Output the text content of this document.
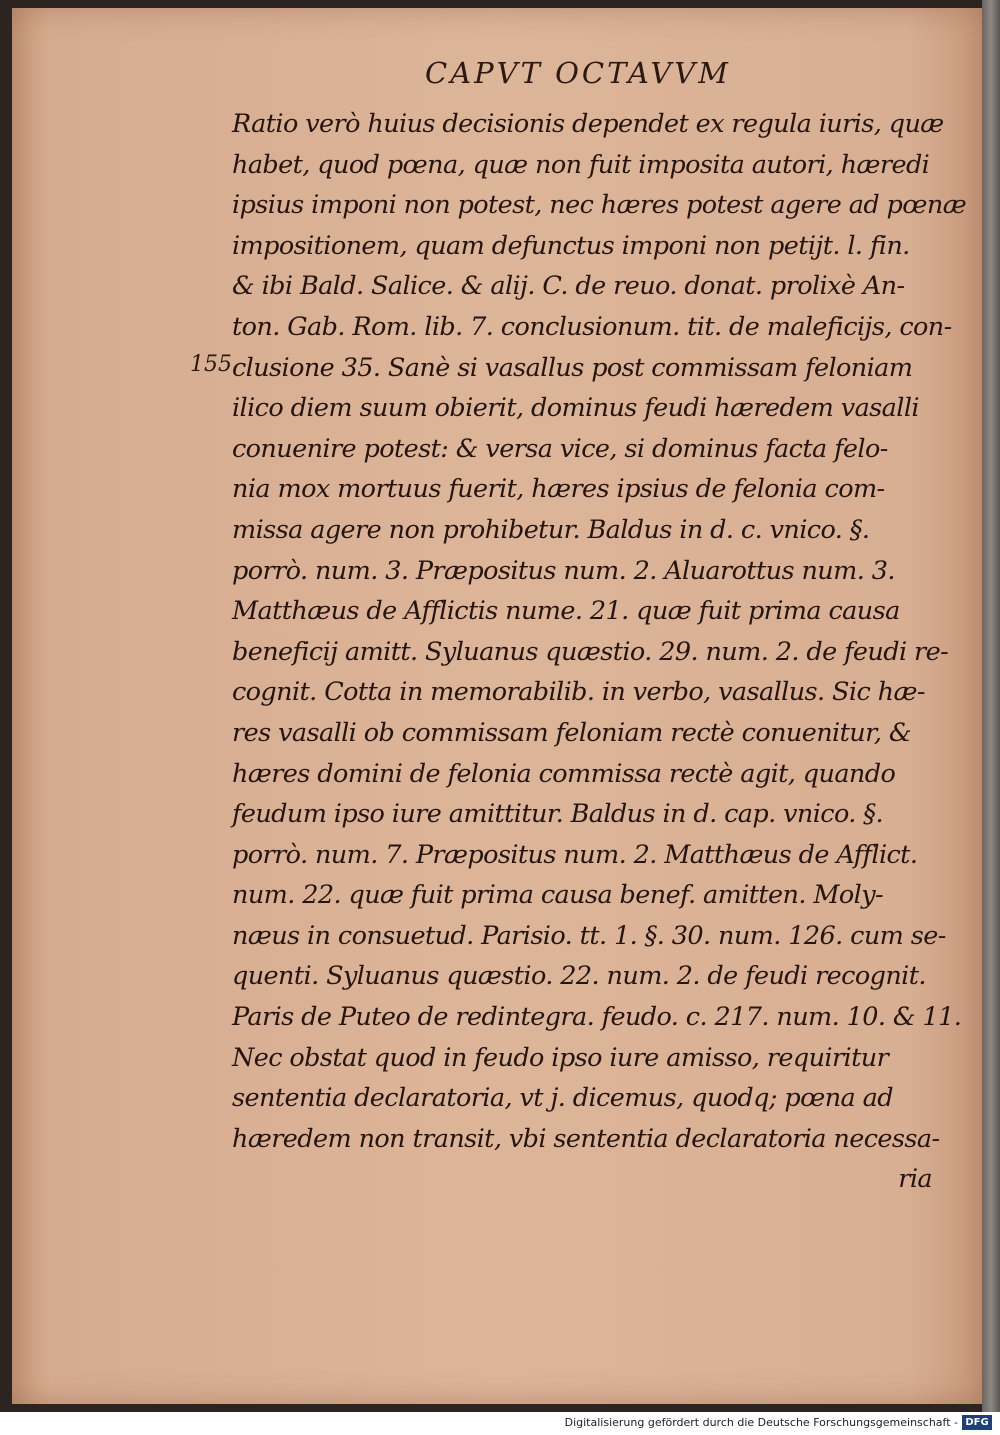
CAPVT OCTAVVM
155
Ratio verò huius decisionis dependet ex regula iuris, quæ
habet, quod pœna, quæ non fuit imposita autori, hæredi
ipsius imponi non potest, nec hæres potest agere ad pœnæ
impositionem, quam defunctus imponi non petijt. l. fin.
& ibi Bald. Salice. & alij. C. de reuo. donat. prolixè An-
ton. Gab. Rom. lib. 7. conclusionum. tit. de maleficijs, con-
clusione 35. Sanè si vasallus post commissam feloniam
ilico diem suum obierit, dominus feudi hæredem vasalli
conuenire potest: & versa vice, si dominus facta felo-
nia mox mortuus fuerit, hæres ipsius de felonia com-
missa agere non prohibetur. Baldus in d. c. vnico. §.
porrò. num. 3. Præpositus num. 2. Aluarottus num. 3.
Matthæus de Afflictis nume. 21. quæ fuit prima causa
beneficij amitt. Syluanus quæstio. 29. num. 2. de feudi re-
cognit. Cotta in memorabilib. in verbo, vasallus. Sic hæ-
res vasalli ob commissam feloniam rectè conuenitur, &
hæres domini de felonia commissa rectè agit, quando
feudum ipso iure amittitur. Baldus in d. cap. vnico. §.
porrò. num. 7. Præpositus num. 2. Matthæus de Afflict.
num. 22. quæ fuit prima causa benef. amitten. Moly-
næus in consuetud. Parisio. tt. 1. §. 30. num. 126. cum se-
quenti. Syluanus quæstio. 22. num. 2. de feudi recognit.
Paris de Puteo de redintegra. feudo. c. 217. num. 10. & 11.
Nec obstat quod in feudo ipso iure amisso, requiritur
sententia declaratoria, vt j. dicemus, quodq; pœna ad
hæredem non transit, vbi sententia declaratoria necessa-
ria
Digitalisierung gefördert durch die Deutsche Forschungsgemeinschaft - DFG
